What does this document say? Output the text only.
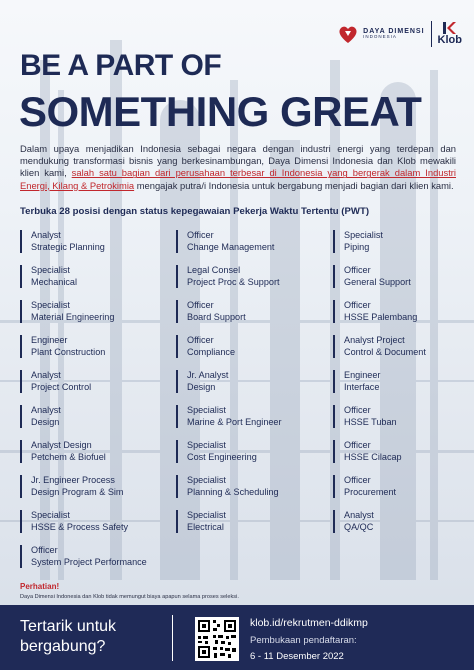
DAYA DIMENSI
INDONESIA	Klob
BE A PART OF
SOMETHING GREAT
Dalam upaya menjadikan Indonesia sebagai negara dengan industri energi yang terdepan dan mendukung transformasi bisnis yang berkesinambungan, Daya Dimensi Indonesia dan Klob mewakili klien kami, salah satu bagian dari perusahaan terbesar di Indonesia yang bergerak dalam Industri Energi, Kilang & Petrokimia mengajak putra/i Indonesia untuk bergabung menjadi bagian dari klien kami.
Terbuka 28 posisi dengan status kepegawaian Pekerja Waktu Tertentu (PWT)
Analyst
Strategic Planning
Officer
Change Management
Specialist
Piping
Specialist
Mechanical
Legal Consel
Project Proc & Support
Officer
General Support
Specialist
Material Engineering
Officer
Board Support
Officer
HSSE Palembang
Engineer
Plant Construction
Officer
Compliance
Analyst Project
Control & Document
Analyst
Project Control
Jr. Analyst
Design
Engineer
Interface
Analyst
Design
Specialist
Marine & Port Engineer
Officer
HSSE Tuban
Analyst Design
Petchem & Biofuel
Specialist
Cost Engineering
Officer
HSSE Cilacap
Jr. Engineer Process
Design Program & Sim
Specialist
Planning & Scheduling
Officer
Procurement
Specialist
HSSE & Process Safety
Specialist
Electrical
Analyst
QA/QC
Officer
System Project Performance
Perhatian!
Daya Dimensi Indonesia dan Klob tidak memungut biaya apapun selama proses seleksi.
Tertarik untuk
bergabung?
klob.id/rekrutmen-ddikmp
Pembukaan pendaftaran:
6 - 11 Desember 2022
